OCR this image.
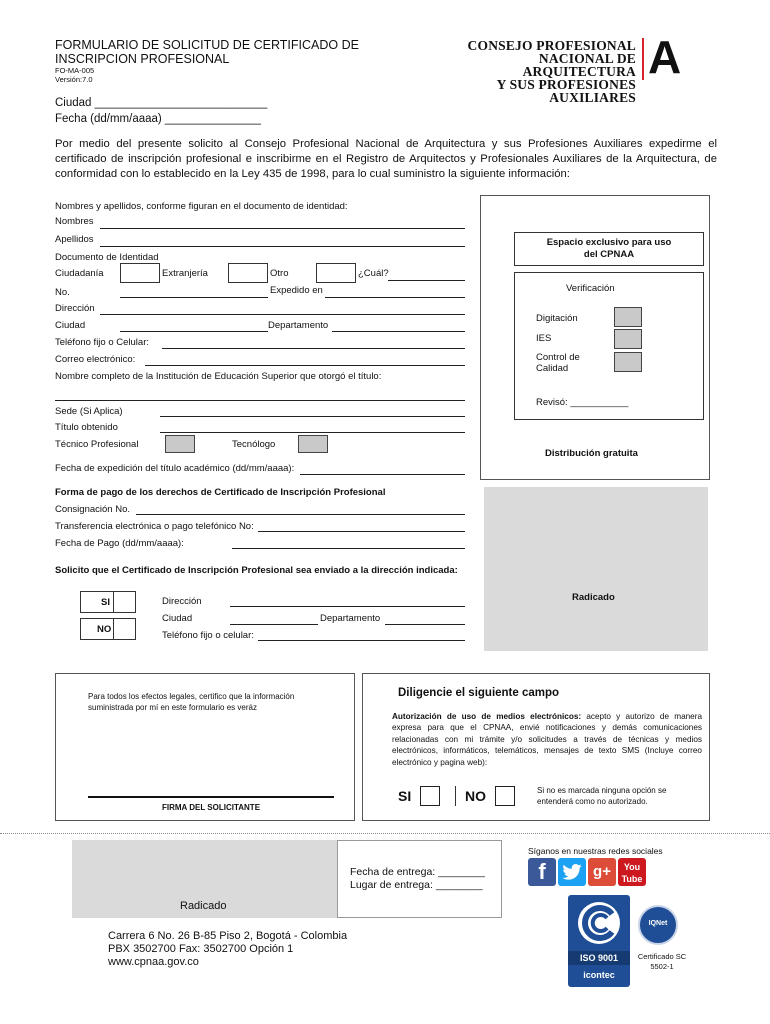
FORMULARIO DE SOLICITUD DE CERTIFICADO DE
INSCRIPCION PROFESIONAL
FO-MA-005
Versión:7.0
CONSEJO PROFESIONAL
NACIONAL DE ARQUITECTURA
Y SUS PROFESIONES AUXILIARES
A
Ciudad ___________________________
Fecha (dd/mm/aaaa) _______________
Por medio del presente solicito al Consejo Profesional Nacional de Arquitectura y sus Profesiones Auxiliares expedirme el certificado de inscripción profesional e inscribirme en el Registro de Arquitectos y Profesionales Auxiliares de la Arquitectura, de conformidad con lo establecido en la Ley 435 de 1998, para lo cual suministro la siguiente información:
Nombres y apellidos, conforme figuran en el documento de identidad:
Nombres
Apellidos
Documento de Identidad
Ciudadanía	Extranjería	Otro	¿Cuál?
No.	Expedido en
Dirección
Ciudad	Departamento
Teléfono fijo o Celular:
Correo electrónico:
Nombre completo de la Institución de Educación Superior que otorgó el título:
Sede (Si Aplica)
Título obtenido
Técnico Profesional	Tecnólogo
Fecha de expedición del título académico (dd/mm/aaaa):
Espacio exclusivo para uso del CPNAA
Verificación
Digitación
IES
Control de Calidad
Revisó: ___________
Distribución gratuita
Radicado
Forma de pago de los derechos de Certificado de Inscripción Profesional
Consignación No.
Transferencia electrónica o pago telefónico No:
Fecha de Pago (dd/mm/aaaa):
Solicito que el Certificado de Inscripción Profesional sea enviado a la dirección indicada:
SI
NO
Dirección
Ciudad	Departamento
Teléfono fijo o celular:
Para todos los efectos legales, certifico que la información suministrada por mí en este formulario es veráz
FIRMA DEL SOLICITANTE
Diligencie el siguiente campo
Autorización de uso de medios electrónicos: acepto y autorizo de manera expresa para que el CPNAA, envié notificaciones y demás comunicaciones relacionadas con mi trámite y/o solicitudes a través de técnicas y medios electrónicos, informáticos, telemáticos, mensajes de texto SMS (Incluye correo electrónico y pagina web):
SI	NO	Si no es marcada ninguna opción se entenderá como no autorizado.
Fecha de entrega: ________
Lugar de entrega: ________
Radicado
Carrera 6 No. 26 B-85 Piso 2, Bogotá - Colombia
PBX 3502700 Fax: 3502700 Opción 1
www.cpnaa.gov.co
Síganos en nuestras redes sociales
f	g+	You
Tube
ISO 9001
icontec
IQNet
Certificado SC
5502-1
